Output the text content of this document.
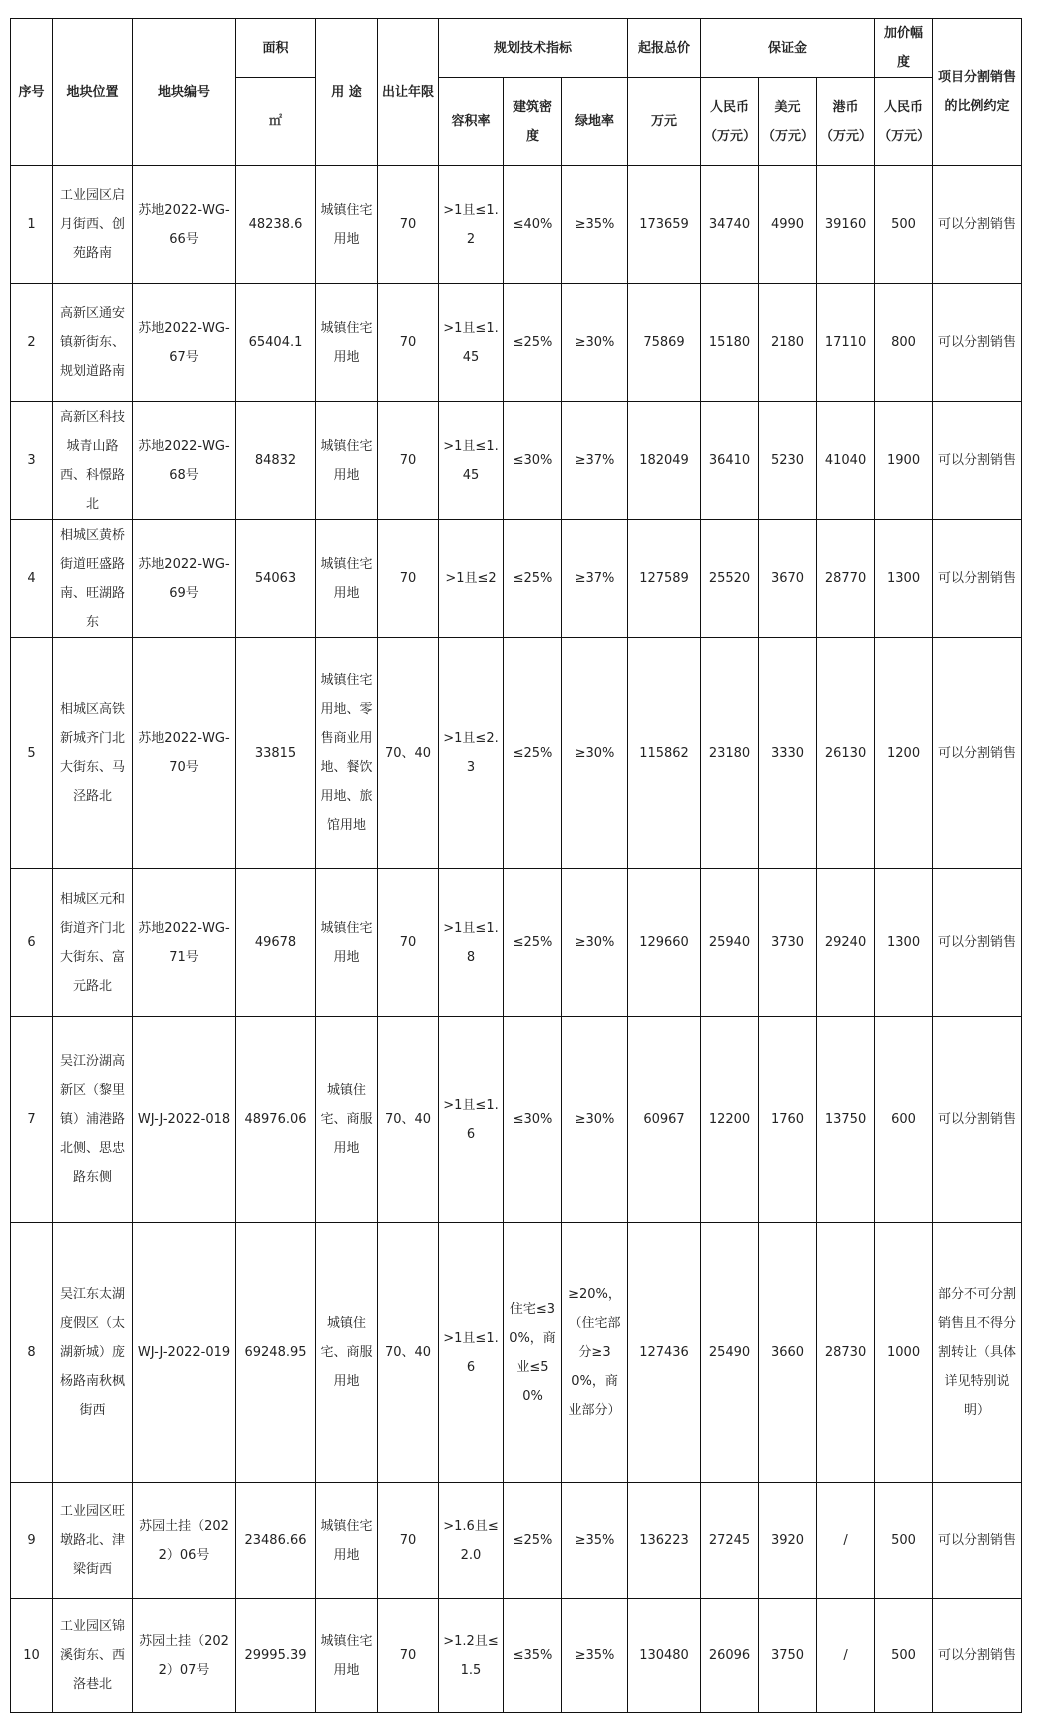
序号	地块位置	地块编号	面积	用 途	出让年限	规划技术指标			起报总价	保证金			加价幅度	项目分割销售的比例约定
			㎡			容积率	建筑密度	绿地率	万元	人民币（万元）	美元（万元）	港币（万元）	人民币（万元）	
1	工业园区启月街西、创苑路南	苏地2022-WG-66号	48238.6	城镇住宅用地	70	>1且≤1.2	≤40%	≥35%	173659	34740	4990	39160	500	可以分割销售
2	高新区通安镇新街东、规划道路南	苏地2022-WG-67号	65404.1	城镇住宅用地	70	>1且≤1.45	≤25%	≥30%	75869	15180	2180	17110	800	可以分割销售
3	高新区科技城青山路西、科憬路北	苏地2022-WG-68号	84832	城镇住宅用地	70	>1且≤1.45	≤30%	≥37%	182049	36410	5230	41040	1900	可以分割销售
4	相城区黄桥街道旺盛路南、旺湖路东	苏地2022-WG-69号	54063	城镇住宅用地	70	>1且≤2	≤25%	≥37%	127589	25520	3670	28770	1300	可以分割销售
5	相城区高铁新城齐门北大街东、马泾路北	苏地2022-WG-70号	33815	城镇住宅用地、零售商业用地、餐饮用地、旅馆用地	70、40	>1且≤2.3	≤25%	≥30%	115862	23180	3330	26130	1200	可以分割销售
6	相城区元和街道齐门北大街东、富元路北	苏地2022-WG-71号	49678	城镇住宅用地	70	>1且≤1.8	≤25%	≥30%	129660	25940	3730	29240	1300	可以分割销售
7	吴江汾湖高新区（黎里镇）浦港路北侧、思忠路东侧	WJ-J-2022-018	48976.06	城镇住宅、商服用地	70、40	>1且≤1.6	≤30%	≥30%	60967	12200	1760	13750	600	可以分割销售
8	吴江东太湖度假区（太湖新城）庞杨路南秋枫街西	WJ-J-2022-019	69248.95	城镇住宅、商服用地	70、40	>1且≤1.6	住宅≤30%，商业≤50%	≥20%，（住宅部分≥30%，商业部分）	127436	25490	3660	28730	1000	部分不可分割销售且不得分割转让（具体详见特别说明）
9	工业园区旺墩路北、津梁街西	苏园土挂（2022）06号	23486.66	城镇住宅用地	70	>1.6且≤2.0	≤25%	≥35%	136223	27245	3920	/	500	可以分割销售
10	工业园区锦溪街东、西洛巷北	苏园土挂（2022）07号	29995.39	城镇住宅用地	70	>1.2且≤1.5	≤35%	≥35%	130480	26096	3750	/	500	可以分割销售
